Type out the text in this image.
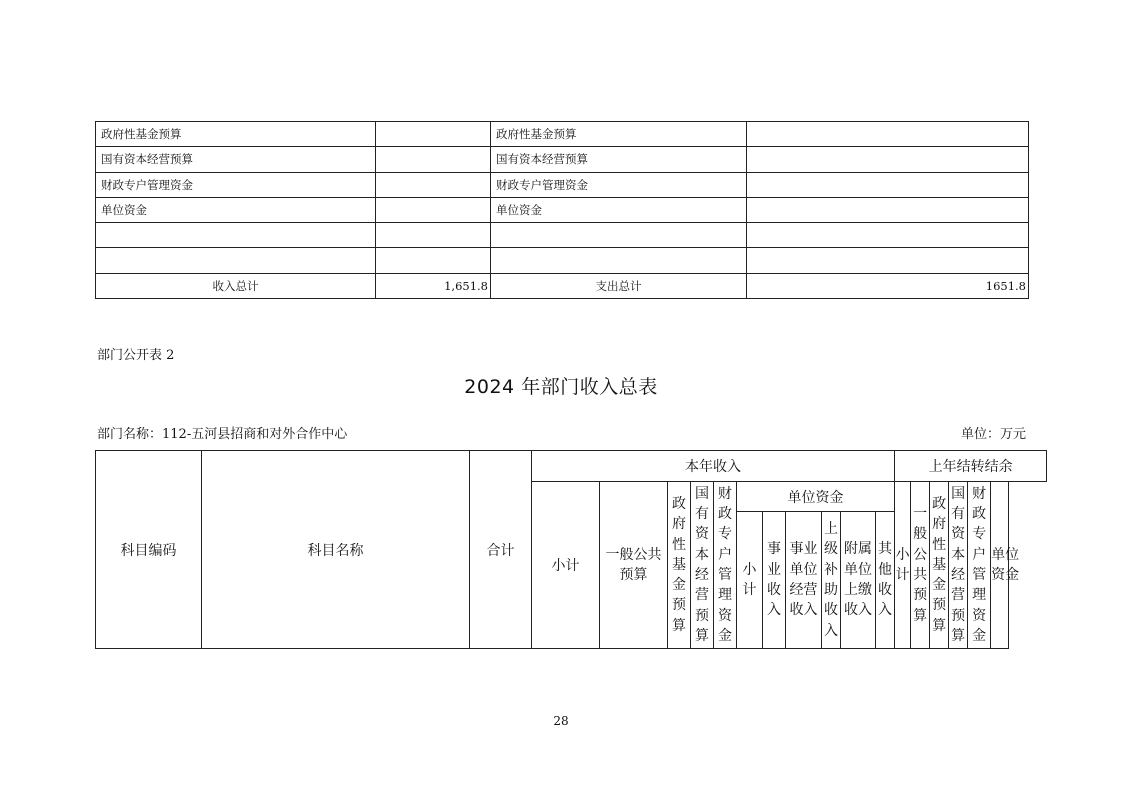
政府性基金预算		政府性基金预算	
国有资本经营预算		国有资本经营预算	
财政专户管理资金		财政专户管理资金	
单位资金		单位资金	

收入总计	1,651.8	支出总计	1651.8
部门公开表 2
2024 年部门收入总表
部门名称：112-五河县招商和对外合作中心	单位：万元
科目编码	科目名称	合计	本年收入											上年结转结余					
			小计	一般公共预算	政府性基金预算	国有资本经营预算	财政专户管理资金	单位资金						小计	一般公共预算	政府性基金预算	国有资本经营预算	财政专户管理资金	单位资金
								小计	事业收入	事业单位经营收入	上级补助收入	附属单位上缴收入	其他收入						
28
